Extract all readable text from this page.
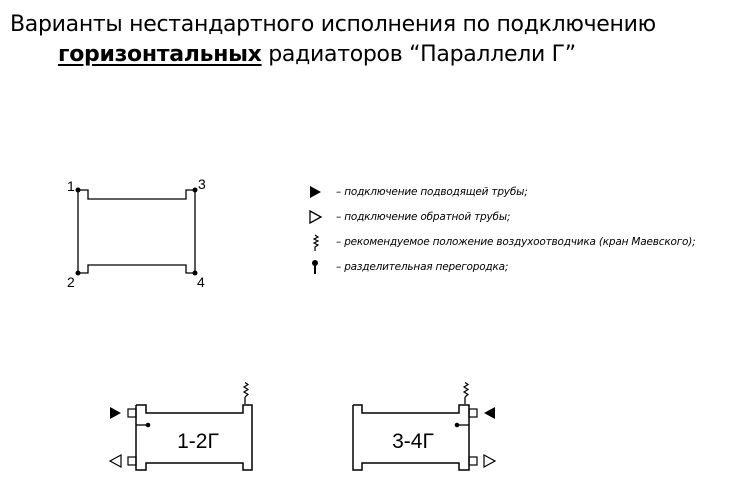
Варианты нестандартного исполнения по подключению

горизонтальных радиаторов “Параллели Г”
1	3
2	4
1-2Г	3-4Г
– подключение подводящей трубы;
– подключение обратной трубы;
– рекомендуемое положение воздухоотводчика (кран Маевского);
– разделительная перегородка;
